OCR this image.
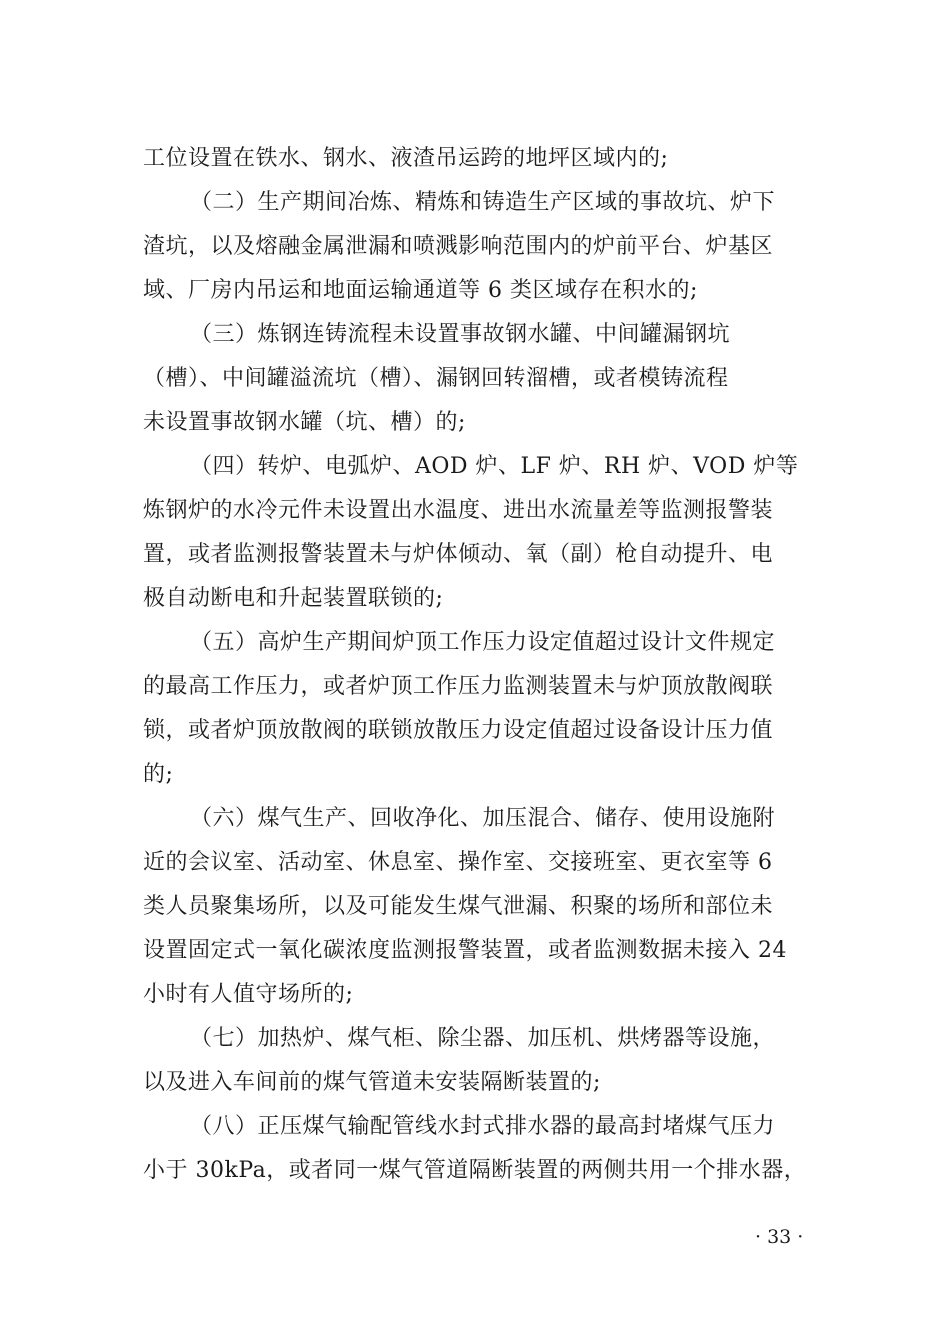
工位设置在铁水、钢水、液渣吊运跨的地坪区域内的;
（二）生产期间冶炼、精炼和铸造生产区域的事故坑、炉下
渣坑，以及熔融金属泄漏和喷溅影响范围内的炉前平台、炉基区
域、厂房内吊运和地面运输通道等 6 类区域存在积水的;
（三）炼钢连铸流程未设置事故钢水罐、中间罐漏钢坑
（槽）、中间罐溢流坑（槽）、漏钢回转溜槽，或者模铸流程
未设置事故钢水罐（坑、槽）的;
（四）转炉、电弧炉、AOD 炉、LF 炉、RH 炉、VOD 炉等
炼钢炉的水冷元件未设置出水温度、进出水流量差等监测报警装
置，或者监测报警装置未与炉体倾动、氧（副）枪自动提升、电
极自动断电和升起装置联锁的;
（五）高炉生产期间炉顶工作压力设定值超过设计文件规定
的最高工作压力，或者炉顶工作压力监测装置未与炉顶放散阀联
锁，或者炉顶放散阀的联锁放散压力设定值超过设备设计压力值
的;
（六）煤气生产、回收净化、加压混合、储存、使用设施附
近的会议室、活动室、休息室、操作室、交接班室、更衣室等 6
类人员聚集场所，以及可能发生煤气泄漏、积聚的场所和部位未
设置固定式一氧化碳浓度监测报警装置，或者监测数据未接入 24
小时有人值守场所的;
（七）加热炉、煤气柜、除尘器、加压机、烘烤器等设施，
以及进入车间前的煤气管道未安装隔断装置的;
（八）正压煤气输配管线水封式排水器的最高封堵煤气压力
小于 30kPa，或者同一煤气管道隔断装置的两侧共用一个排水器，
· 33 ·
